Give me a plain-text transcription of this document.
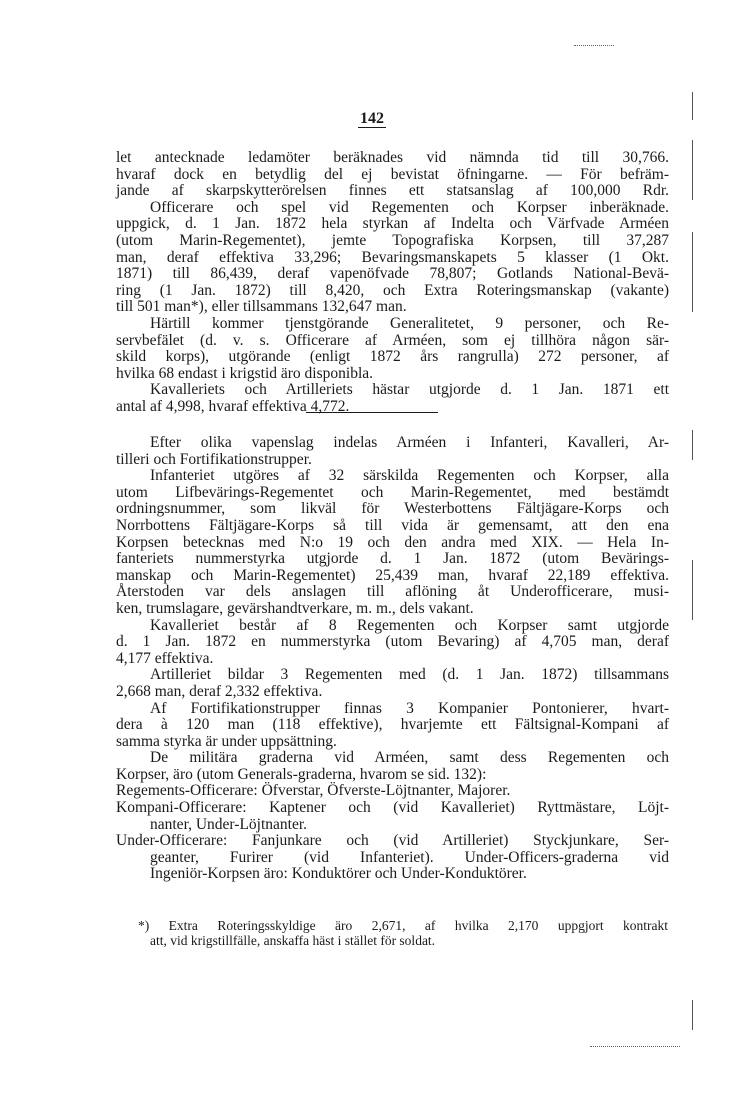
142
let antecknade ledamöter beräknades vid nämnda tid till 30,766.
hvaraf dock en betydlig del ej bevistat öfningarne. — För befräm-
jande af skarpskytterörelsen finnes ett statsanslag af 100,000 Rdr.
Officerare och spel vid Regementen och Korpser inberäknade.
uppgick, d. 1 Jan. 1872 hela styrkan af Indelta och Värfvade Arméen
(utom Marin-Regementet), jemte Topografiska Korpsen, till 37,287
man, deraf effektiva 33,296; Bevaringsmanskapets 5 klasser (1 Okt.
1871) till 86,439, deraf vapenöfvade 78,807; Gotlands National-Bevä-
ring (1 Jan. 1872) till 8,420, och Extra Roteringsmanskap (vakante)
till 501 man*), eller tillsammans 132,647 man.
Härtill kommer tjenstgörande Generalitetet, 9 personer, och Re-
servbefälet (d. v. s. Officerare af Arméen, som ej tillhöra någon sär-
skild korps), utgörande (enligt 1872 års rangrulla) 272 personer, af
hvilka 68 endast i krigstid äro disponibla.
Kavalleriets och Artilleriets hästar utgjorde d. 1 Jan. 1871 ett
antal af 4,998, hvaraf effektiva 4,772.
Efter olika vapenslag indelas Arméen i Infanteri, Kavalleri, Ar-
tilleri och Fortifikationstrupper.
Infanteriet utgöres af 32 särskilda Regementen och Korpser, alla
utom Lifbevärings-Regementet och Marin-Regementet, med bestämdt
ordningsnummer, som likväl för Westerbottens Fältjägare-Korps och
Norrbottens Fältjägare-Korps så till vida är gemensamt, att den ena
Korpsen betecknas med N:o 19 och den andra med XIX. — Hela In-
fanteriets nummerstyrka utgjorde d. 1 Jan. 1872 (utom Bevärings-
manskap och Marin-Regementet) 25,439 man, hvaraf 22,189 effektiva.
Återstoden var dels anslagen till aflöning åt Underofficerare, musi-
ken, trumslagare, gevärshandtverkare, m. m., dels vakant.
Kavalleriet består af 8 Regementen och Korpser samt utgjorde
d. 1 Jan. 1872 en nummerstyrka (utom Bevaring) af 4,705 man, deraf
4,177 effektiva.
Artilleriet bildar 3 Regementen med (d. 1 Jan. 1872) tillsammans
2,668 man, deraf 2,332 effektiva.
Af Fortifikationstrupper finnas 3 Kompanier Pontonierer, hvart-
dera à 120 man (118 effektive), hvarjemte ett Fältsignal-Kompani af
samma styrka är under uppsättning.
De militära graderna vid Arméen, samt dess Regementen och
Korpser, äro (utom Generals-graderna, hvarom se sid. 132):
Regements-Officerare: Öfverstar, Öfverste-Löjtnanter, Majorer.
Kompani-Officerare: Kaptener och (vid Kavalleriet) Ryttmästare, Löjt-
nanter, Under-Löjtnanter.
Under-Officerare: Fanjunkare och (vid Artilleriet) Styckjunkare, Ser-
geanter, Furirer (vid Infanteriet). Under-Officers-graderna vid
Ingeniör-Korpsen äro: Konduktörer och Under-Konduktörer.
*) Extra Roteringsskyldige äro 2,671, af hvilka 2,170 uppgjort kontrakt
att, vid krigstillfälle, anskaffa häst i stället för soldat.
